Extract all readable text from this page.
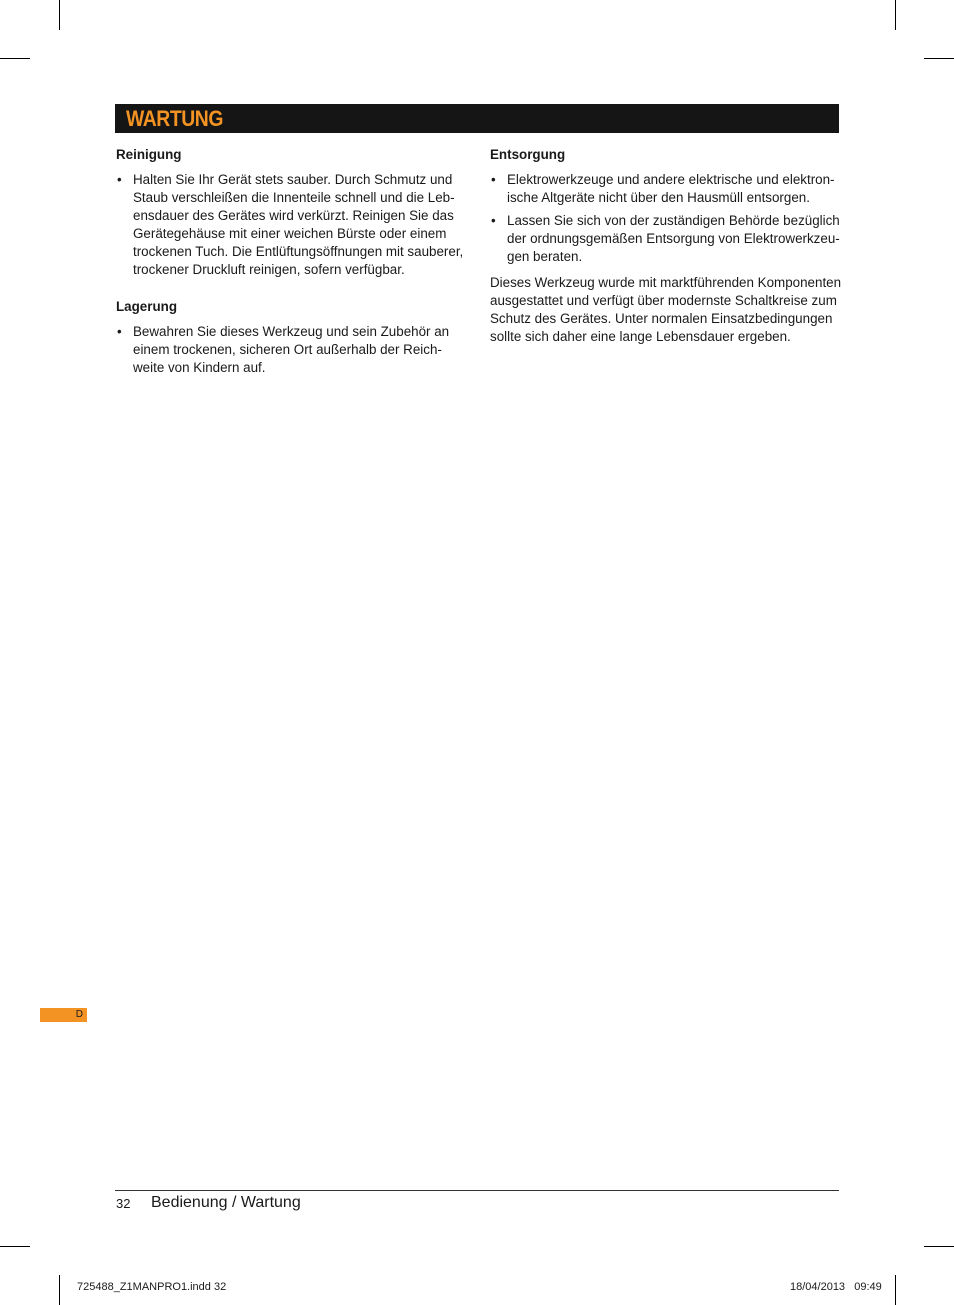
WARTUNG
Reinigung
• Halten Sie Ihr Gerät stets sauber. Durch Schmutz und
Staub verschleißen die Innenteile schnell und die Leb-
ensdauer des Gerätes wird verkürzt. Reinigen Sie das
Gerätegehäuse mit einer weichen Bürste oder einem
trockenen Tuch. Die Entlüftungsöffnungen mit sauberer,
trockener Druckluft reinigen, sofern verfügbar.
Lagerung
• Bewahren Sie dieses Werkzeug und sein Zubehör an
einem trockenen, sicheren Ort außerhalb der Reich-
weite von Kindern auf.
Entsorgung
• Elektrowerkzeuge und andere elektrische und elektron-
ische Altgeräte nicht über den Hausmüll entsorgen.
• Lassen Sie sich von der zuständigen Behörde bezüglich
der ordnungsgemäßen Entsorgung von Elektrowerkzeu-
gen beraten.
Dieses Werkzeug wurde mit marktführenden Komponenten
ausgestattet und verfügt über modernste Schaltkreise zum
Schutz des Gerätes. Unter normalen Einsatzbedingungen
sollte sich daher eine lange Lebensdauer ergeben.
D
32 Bedienung / Wartung
725488_Z1MANPRO1.indd 32	18/04/2013   09:49
